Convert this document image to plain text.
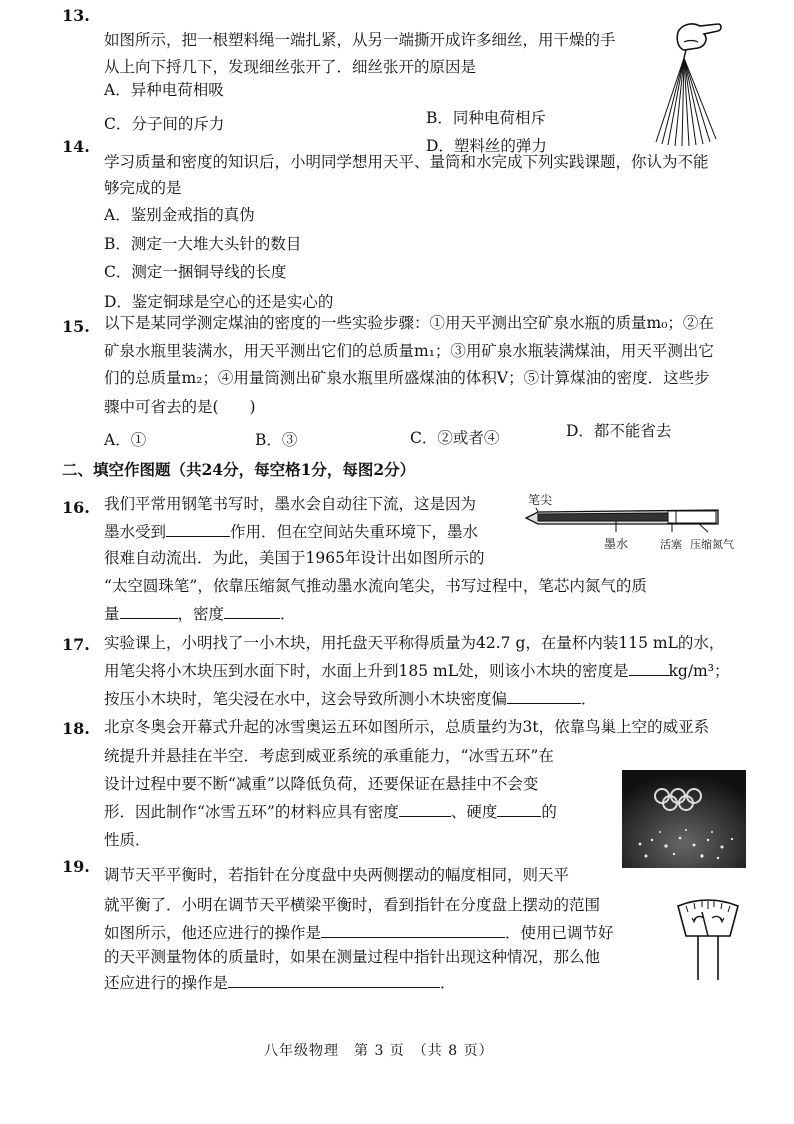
13.
如图所示，把一根塑料绳一端扎紧，从另一端撕开成许多细丝，用干燥的手
从上向下捋几下，发现细丝张开了．细丝张开的原因是
A．异种电荷相吸
B．同种电荷相斥
C．分子间的斥力
D．塑料丝的弹力
14.
学习质量和密度的知识后，小明同学想用天平、量筒和水完成下列实践课题，你认为不能
够完成的是
A．鉴别金戒指的真伪
B．测定一大堆大头针的数目
C．测定一捆铜导线的长度
D．鉴定铜球是空心的还是实心的
15. 以下是某同学测定煤油的密度的一些实验步骤：①用天平测出空矿泉水瓶的质量m₀；②在
矿泉水瓶里装满水，用天平测出它们的总质量m₁；③用矿泉水瓶装满煤油，用天平测出它
们的总质量m₂；④用量筒测出矿泉水瓶里所盛煤油的体积V；⑤计算煤油的密度．这些步
骤中可省去的是(　　)
A．①	B．③	C．②或者④	D．都不能省去
二、填空作图题（共24分，每空格1分，每图2分）
16. 我们平常用钢笔书写时，墨水会自动往下流，这是因为
墨水受到	作用．但在空间站失重环境下，墨水
很难自动流出．为此，美国于1965年设计出如图所示的
“太空圆珠笔”，依靠压缩氮气推动墨水流向笔尖，书写过程中，笔芯内氮气的质
量	，密度	．
笔尖
墨水	活塞 压缩氮气
17. 实验课上，小明找了一小木块，用托盘天平称得质量为42.7 g，在量杯内装115 mL的水，
用笔尖将小木块压到水面下时，水面上升到185 mL处，则该小木块的密度是	kg/m³；
按压小木块时，笔尖浸在水中，这会导致所测小木块密度偏	．
18. 北京冬奥会开幕式升起的冰雪奥运五环如图所示，总质量约为3t，依靠鸟巢上空的威亚系
统提升并悬挂在半空．考虑到威亚系统的承重能力，“冰雪五环”在
设计过程中要不断“减重”以降低负荷，还要保证在悬挂中不会变
形．因此制作“冰雪五环”的材料应具有密度	、硬度	的
性质．
19. 调节天平平衡时，若指针在分度盘中央两侧摆动的幅度相同，则天平
就平衡了．小明在调节天平横梁平衡时，看到指针在分度盘上摆动的范围
如图所示，他还应进行的操作是	．使用已调节好
的天平测量物体的质量时，如果在测量过程中指针出现这种情况，那么他
还应进行的操作是	．
八年级物理　第 3 页　（共 8 页）
